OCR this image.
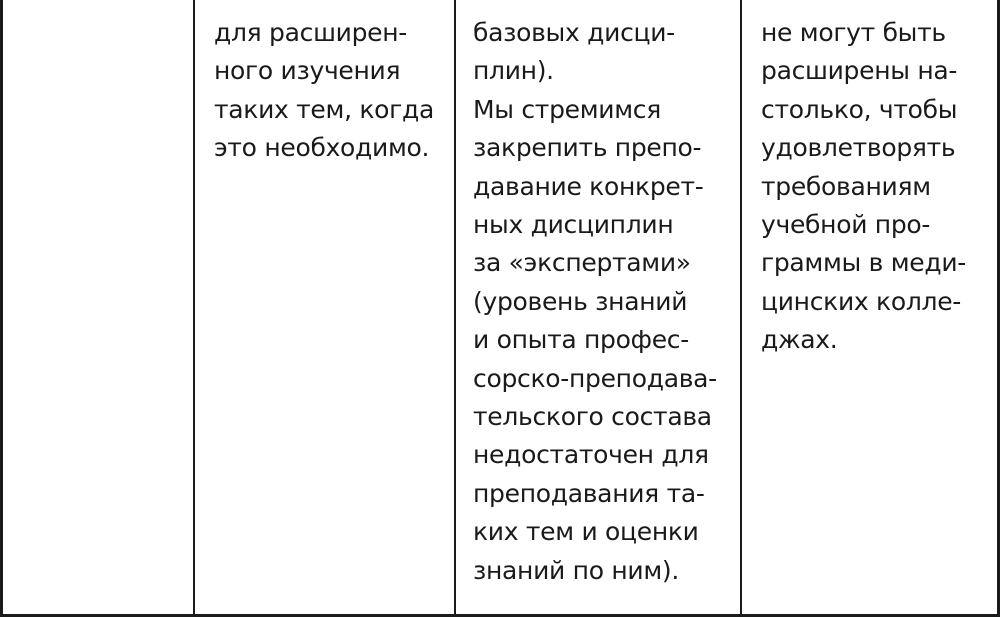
для расширен-
ного изучения
таких тем, когда
это необходимо.
базовых дисци-
плин).
Мы стремимся
закрепить препо-
давание конкрет-
ных дисциплин
за «экспертами»
(уровень знаний
и опыта профес-
сорско-преподава-
тельского состава
недостаточен для
преподавания та-
ких тем и оценки
знаний по ним).
не могут быть
расширены на-
столько, чтобы
удовлетворять
требованиям
учебной про-
граммы в меди-
цинских колле-
джах.
